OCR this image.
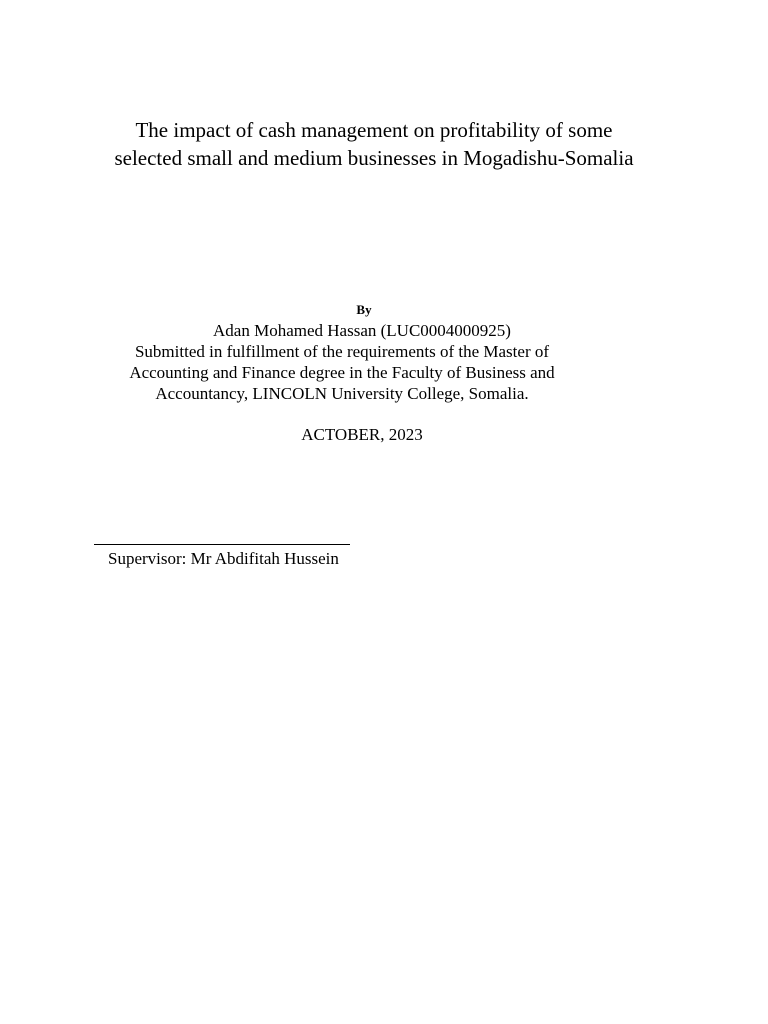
The impact of cash management on profitability of some
selected small and medium businesses in Mogadishu-Somalia
By
Adan Mohamed Hassan (LUC0004000925)
Submitted in fulfillment of the requirements of the Master of
Accounting and Finance degree in the Faculty of Business and
Accountancy, LINCOLN University College, Somalia.
ACTOBER, 2023
Supervisor: Mr Abdifitah Hussein
